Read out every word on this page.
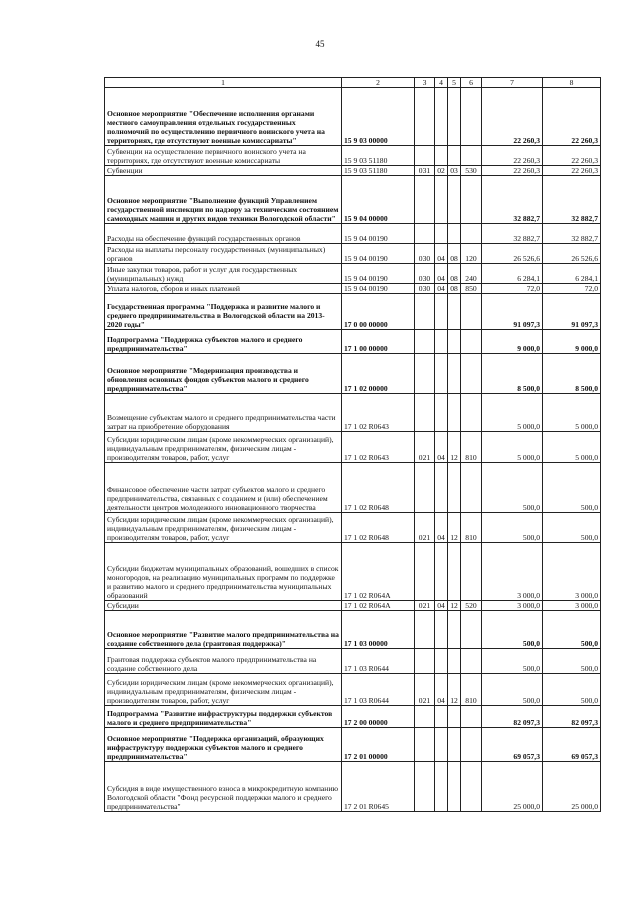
45
1	2	3	4	5	6	7	8
Основное мероприятие "Обеспечение исполнения органами местного самоуправления отдельных государственных полномочий по осуществлению первичного воинского учета на территориях, где отсутствуют военные комиссариаты"	15 9 03 00000					22 260,3	22 260,3
Субвенции на осуществление первичного воинского учета на территориях, где отсутствуют военные комиссариаты	15 9 03 51180					22 260,3	22 260,3
Субвенции	15 9 03 51180	031	02	03	530	22 260,3	22 260,3
Основное мероприятие "Выполнение функций Управлением государственной инспекции по надзору за техническим состоянием самоходных машин и других видов техники Вологодской области"	15 9 04 00000					32 882,7	32 882,7
Расходы на обеспечение функций государственных органов	15 9 04 00190					32 882,7	32 882,7
Расходы на выплаты персоналу государственных (муниципальных) органов	15 9 04 00190	030	04	08	120	26 526,6	26 526,6
Иные закупки товаров, работ и услуг для государственных (муниципальных) нужд	15 9 04 00190	030	04	08	240	6 284,1	6 284,1
Уплата налогов, сборов и иных платежей	15 9 04 00190	030	04	08	850	72,0	72,0
Государственная программа "Поддержка и развитие малого и среднего предпринимательства в Вологодской области на 2013-2020 годы"	17 0 00 00000					91 097,3	91 097,3
Подпрограмма "Поддержка субъектов малого и среднего предпринимательства"	17 1 00 00000					9 000,0	9 000,0
Основное мероприятие "Модернизация производства и обновления основных фондов субъектов малого и среднего предпринимательства"	17 1 02 00000					8 500,0	8 500,0
Возмещение субъектам малого и среднего предпринимательства части затрат на приобретение оборудования	17 1 02 R0643					5 000,0	5 000,0
Субсидии юридическим лицам (кроме некоммерческих организаций), индивидуальным предпринимателям, физическим лицам - производителям товаров, работ, услуг	17 1 02 R0643	021	04	12	810	5 000,0	5 000,0
Финансовое обеспечение части затрат субъектов малого и среднего предпринимательства, связанных с созданием и (или) обеспечением деятельности центров молодежного инновационного творчества	17 1 02 R0648					500,0	500,0
Субсидии юридическим лицам (кроме некоммерческих организаций), индивидуальным предпринимателям, физическим лицам - производителям товаров, работ, услуг	17 1 02 R0648	021	04	12	810	500,0	500,0
Субсидии бюджетам муниципальных образований, вошедших в список моногородов, на реализацию муниципальных программ по поддержке и развитию малого и среднего предпринимательства муниципальных образований	17 1 02 R064A					3 000,0	3 000,0
Субсидии	17 1 02 R064A	021	04	12	520	3 000,0	3 000,0
Основное мероприятие "Развитие малого предпринимательства на создание собственного дела (грантовая поддержка)"	17 1 03 00000					500,0	500,0
Грантовая поддержка субъектов малого предпринимательства на создание собственного дела	17 1 03 R0644					500,0	500,0
Субсидии юридическим лицам (кроме некоммерческих организаций), индивидуальным предпринимателям, физическим лицам - производителям товаров, работ, услуг	17 1 03 R0644	021	04	12	810	500,0	500,0
Подпрограмма "Развитие инфраструктуры поддержки субъектов малого и среднего предпринимательства"	17 2 00 00000					82 097,3	82 097,3
Основное мероприятие "Поддержка организаций, образующих инфраструктуру поддержки субъектов малого и среднего предпринимательства"	17 2 01 00000					69 057,3	69 057,3
Субсидия в виде имущественного взноса в микрокредитную компанию Вологодской области "Фонд ресурсной поддержки малого и среднего предпринимательства"	17 2 01 R0645					25 000,0	25 000,0
